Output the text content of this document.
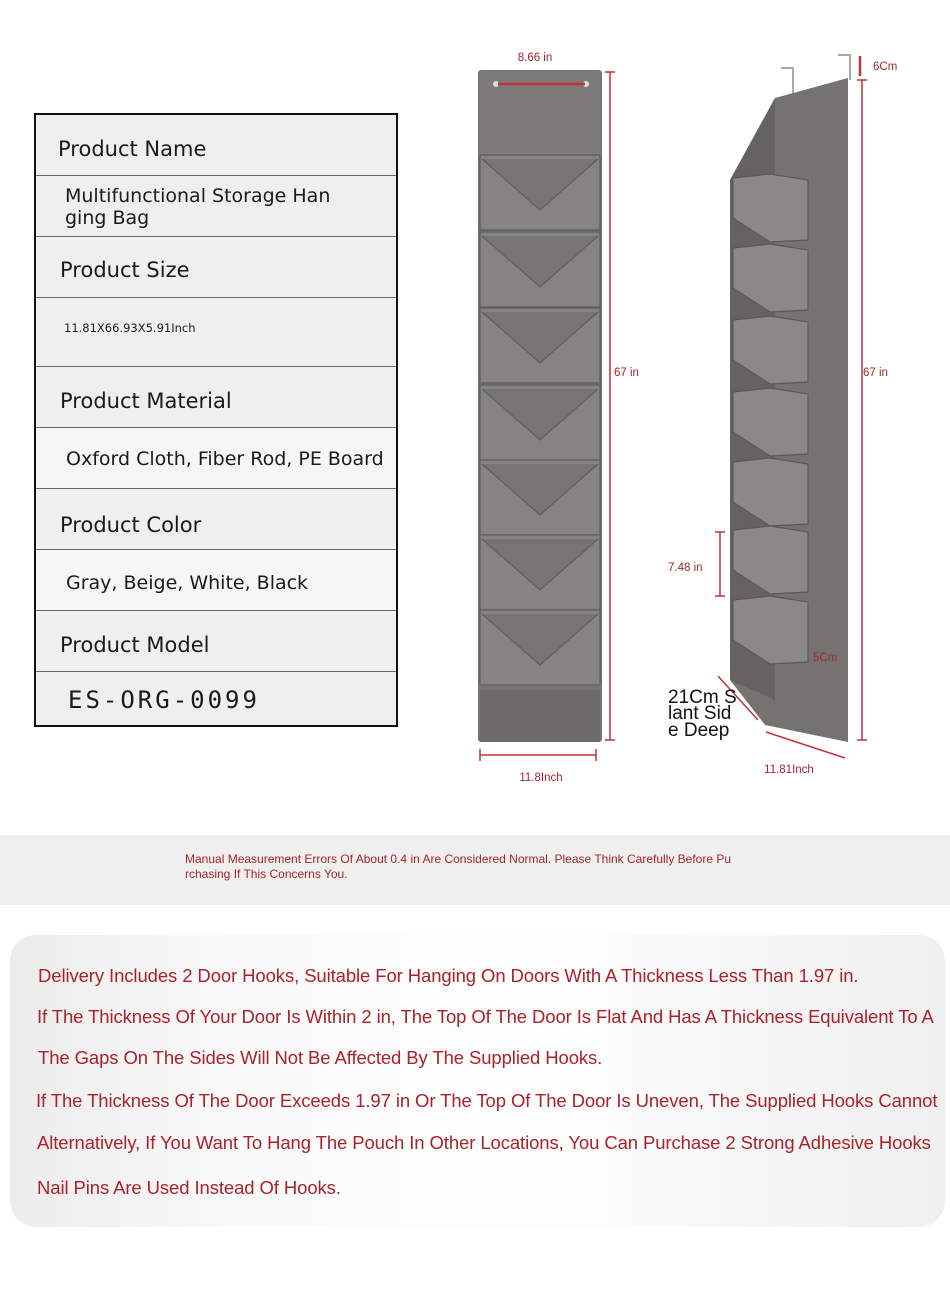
Product Name
Multifunctional Storage Han
ging Bag
Product Size
11.81X66.93X5.91Inch
Product Material
Oxford Cloth, Fiber Rod, PE Board
Product Color
Gray, Beige, White, Black
Product Model
ES-ORG-0099
8.66 in
67 in
11.8Inch
6Cm
67 in
7.48 in
5Cm
21Cm S
lant Sid
e Deep
11.81Inch
Manual Measurement Errors Of About 0.4 in Are Considered Normal. Please Think Carefully Before Pu
rchasing If This Concerns You.

Delivery Includes 2 Door Hooks, Suitable For Hanging On Doors With A Thickness Less Than 1.97 in.

If The Thickness Of Your Door Is Within 2 in, The Top Of The Door Is Flat And Has A Thickness Equivalent To A

The Gaps On The Sides Will Not Be Affected By The Supplied Hooks.

If The Thickness Of The Door Exceeds 1.97 in Or The Top Of The Door Is Uneven, The Supplied Hooks Cannot

Alternatively, If You Want To Hang The Pouch In Other Locations, You Can Purchase 2 Strong Adhesive Hooks

Nail Pins Are Used Instead Of Hooks.
